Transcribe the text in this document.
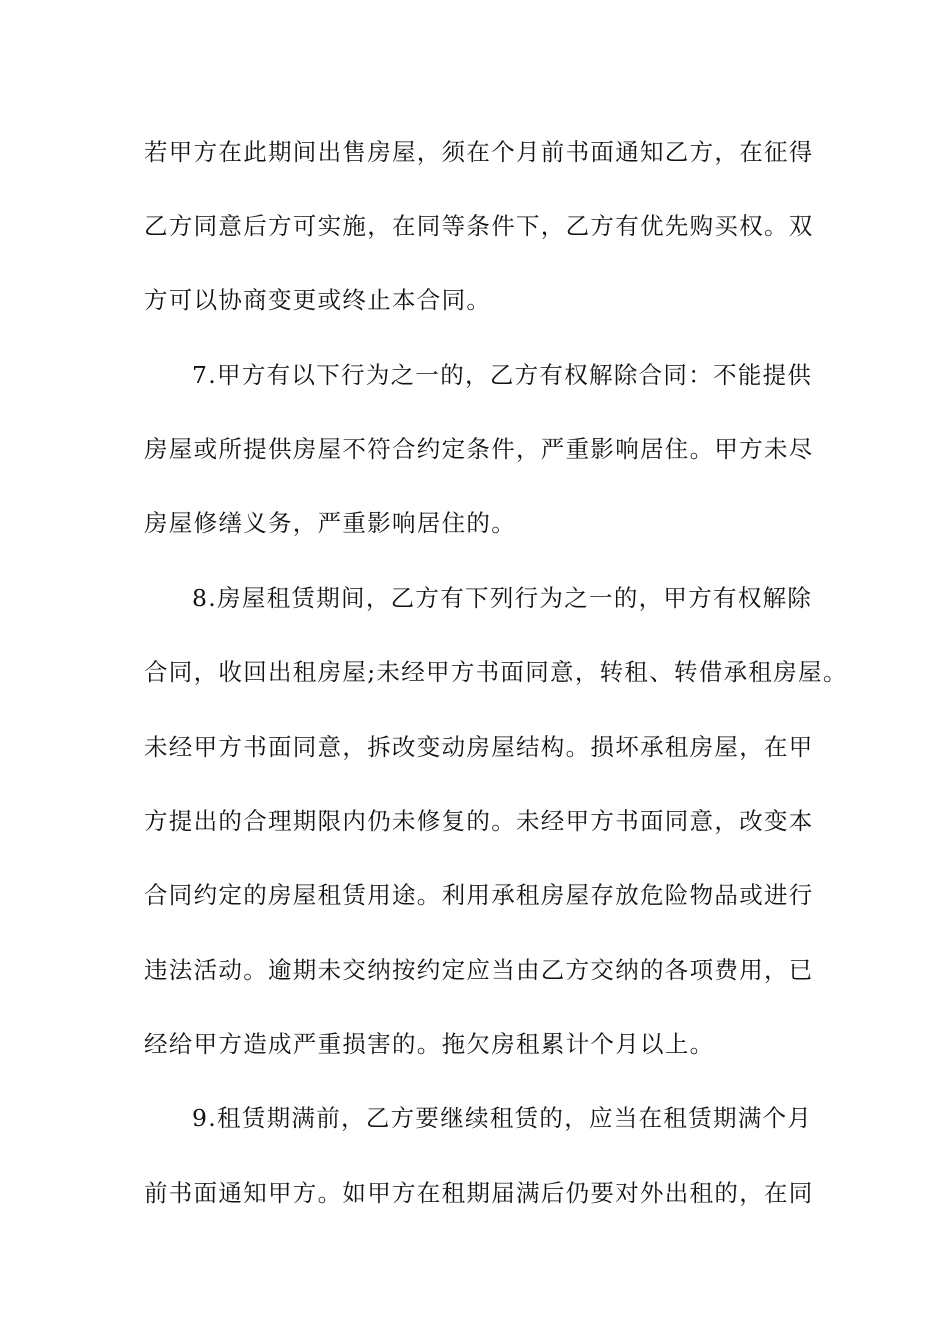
若甲方在此期间出售房屋，须在个月前书面通知乙方，在征得
乙方同意后方可实施，在同等条件下，乙方有优先购买权。双
方可以协商变更或终止本合同。
7.甲方有以下行为之一的，乙方有权解除合同：不能提供
房屋或所提供房屋不符合约定条件，严重影响居住。甲方未尽
房屋修缮义务，严重影响居住的。
8.房屋租赁期间，乙方有下列行为之一的，甲方有权解除
合同，收回出租房屋;未经甲方书面同意，转租、转借承租房屋。
未经甲方书面同意，拆改变动房屋结构。损坏承租房屋，在甲
方提出的合理期限内仍未修复的。未经甲方书面同意，改变本
合同约定的房屋租赁用途。利用承租房屋存放危险物品或进行
违法活动。逾期未交纳按约定应当由乙方交纳的各项费用，已
经给甲方造成严重损害的。拖欠房租累计个月以上。
9.租赁期满前，乙方要继续租赁的，应当在租赁期满个月
前书面通知甲方。如甲方在租期届满后仍要对外出租的，在同
